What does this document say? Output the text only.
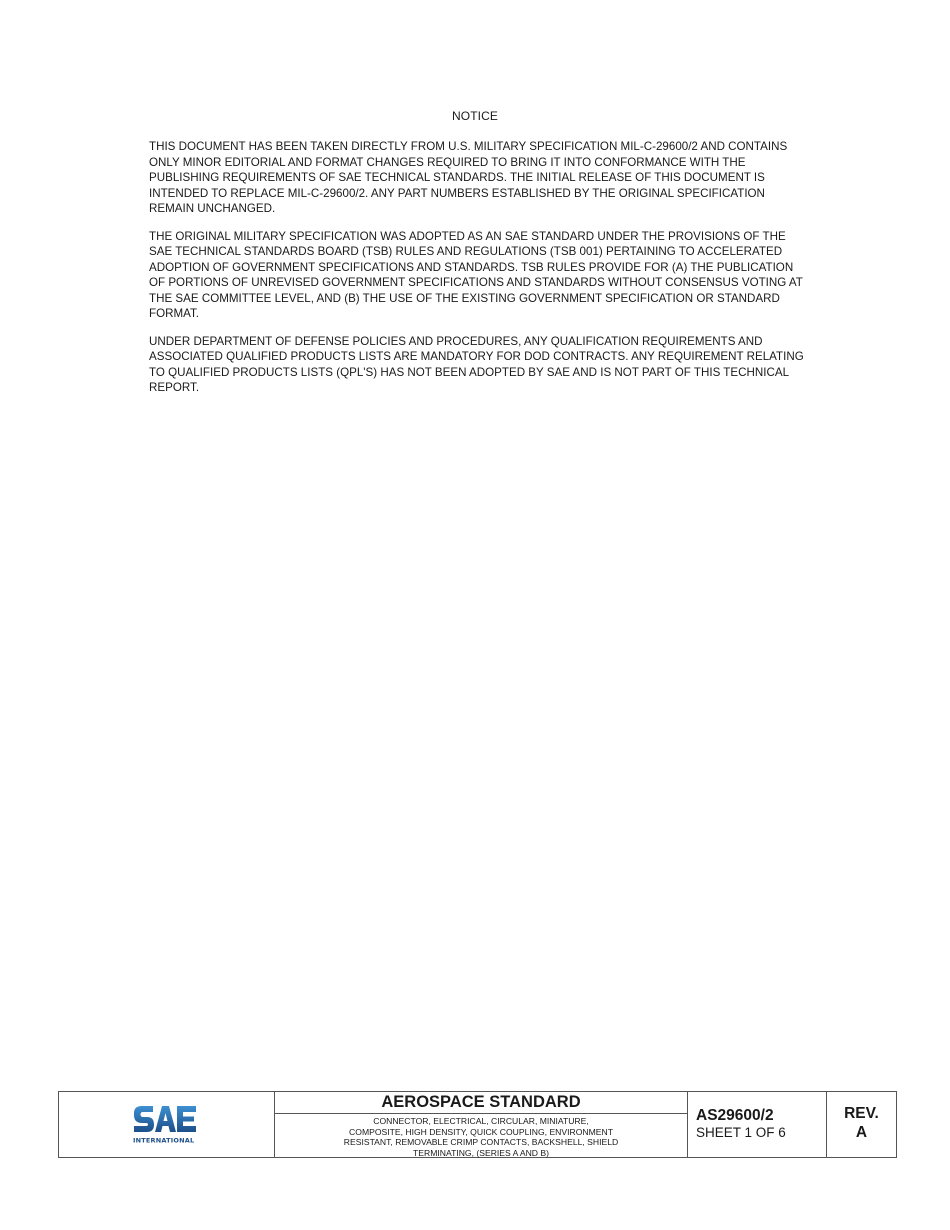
NOTICE

THIS DOCUMENT HAS BEEN TAKEN DIRECTLY FROM U.S. MILITARY SPECIFICATION MIL-C-29600/2 AND CONTAINS ONLY MINOR EDITORIAL AND FORMAT CHANGES REQUIRED TO BRING IT INTO CONFORMANCE WITH THE PUBLISHING REQUIREMENTS OF SAE TECHNICAL STANDARDS. THE INITIAL RELEASE OF THIS DOCUMENT IS INTENDED TO REPLACE MIL-C-29600/2. ANY PART NUMBERS ESTABLISHED BY THE ORIGINAL SPECIFICATION REMAIN UNCHANGED.

THE ORIGINAL MILITARY SPECIFICATION WAS ADOPTED AS AN SAE STANDARD UNDER THE PROVISIONS OF THE SAE TECHNICAL STANDARDS BOARD (TSB) RULES AND REGULATIONS (TSB 001) PERTAINING TO ACCELERATED ADOPTION OF GOVERNMENT SPECIFICATIONS AND STANDARDS. TSB RULES PROVIDE FOR (A) THE PUBLICATION OF PORTIONS OF UNREVISED GOVERNMENT SPECIFICATIONS AND STANDARDS WITHOUT CONSENSUS VOTING AT THE SAE COMMITTEE LEVEL, AND (B) THE USE OF THE EXISTING GOVERNMENT SPECIFICATION OR STANDARD FORMAT.

UNDER DEPARTMENT OF DEFENSE POLICIES AND PROCEDURES, ANY QUALIFICATION REQUIREMENTS AND ASSOCIATED QUALIFIED PRODUCTS LISTS ARE MANDATORY FOR DOD CONTRACTS. ANY REQUIREMENT RELATING TO QUALIFIED PRODUCTS LISTS (QPL'S) HAS NOT BEEN ADOPTED BY SAE AND IS NOT PART OF THIS TECHNICAL REPORT.

INTERNATIONAL
AEROSPACE STANDARD
CONNECTOR, ELECTRICAL, CIRCULAR, MINIATURE,
COMPOSITE, HIGH DENSITY, QUICK COUPLING, ENVIRONMENT
RESISTANT, REMOVABLE CRIMP CONTACTS, BACKSHELL, SHIELD
TERMINATING, (SERIES A AND B)
AS29600/2
SHEET 1 OF 6
REV.
A
